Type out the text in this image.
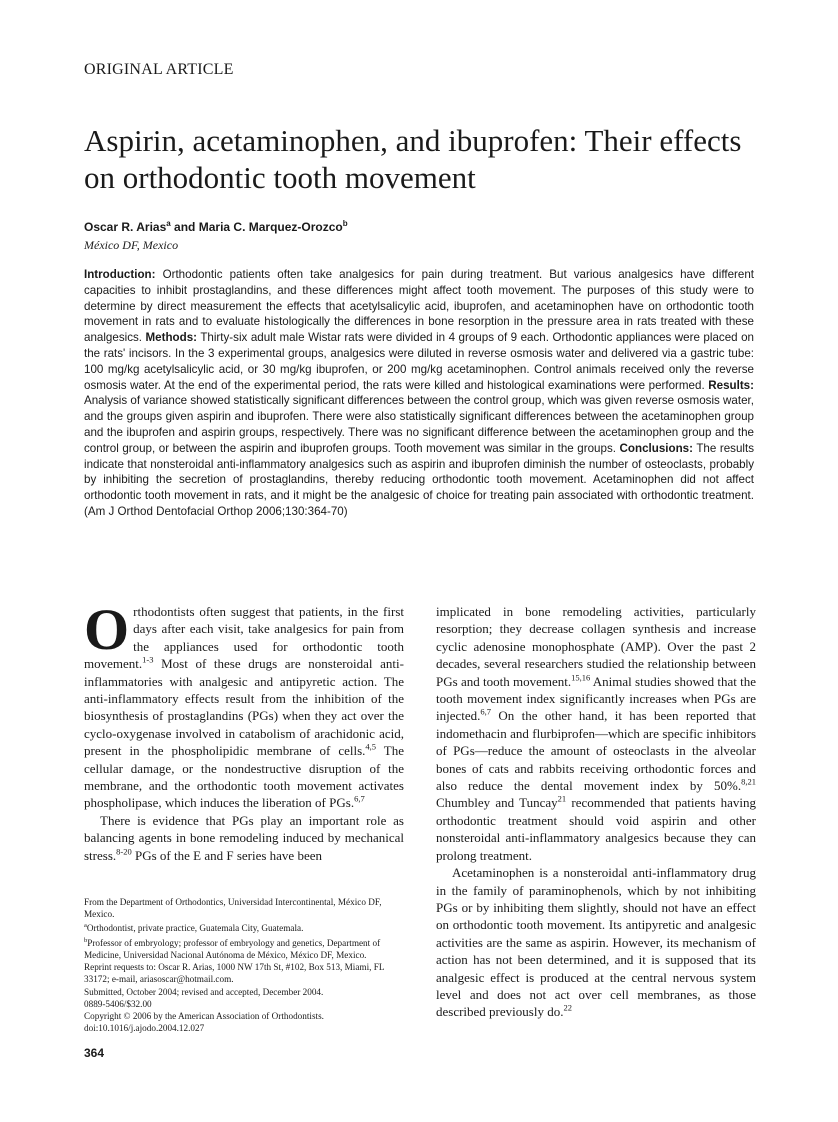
ORIGINAL ARTICLE
Aspirin, acetaminophen, and ibuprofen: Their effects on orthodontic tooth movement
Oscar R. Arias$^a$ and Maria C. Marquez-Orozco$^b$
México DF, Mexico

Introduction: Orthodontic patients often take analgesics for pain during treatment. But various analgesics have different capacities to inhibit prostaglandins, and these differences might affect tooth movement. The purposes of this study were to determine by direct measurement the effects that acetylsalicylic acid, ibuprofen, and acetaminophen have on orthodontic tooth movement in rats and to evaluate histologically the differences in bone resorption in the pressure area in rats treated with these analgesics. Methods: Thirty-six adult male Wistar rats were divided in 4 groups of 9 each. Orthodontic appliances were placed on the rats' incisors. In the 3 experimental groups, analgesics were diluted in reverse osmosis water and delivered via a gastric tube: 100 mg/kg acetylsalicylic acid, or 30 mg/kg ibuprofen, or 200 mg/kg acetaminophen. Control animals received only the reverse osmosis water. At the end of the experimental period, the rats were killed and histological examinations were performed. Results: Analysis of variance showed statistically significant differences between the control group, which was given reverse osmosis water, and the groups given aspirin and ibuprofen. There were also statistically significant differences between the acetaminophen group and the ibuprofen and aspirin groups, respectively. There was no significant difference between the acetaminophen group and the control group, or between the aspirin and ibuprofen groups. Tooth movement was similar in the groups. Conclusions: The results indicate that nonsteroidal anti-inflammatory analgesics such as aspirin and ibuprofen diminish the number of osteoclasts, probably by inhibiting the secretion of prostaglandins, thereby reducing orthodontic tooth movement. Acetaminophen did not affect orthodontic tooth movement in rats, and it might be the analgesic of choice for treating pain associated with orthodontic treatment. (Am J Orthod Dentofacial Orthop 2006;130:364-70)

Orthodontists often suggest that patients, in the first days after each visit, take analgesics for pain from the appliances used for orthodontic tooth movement.$^{1-3}$ Most of these drugs are nonsteroidal anti-inflammatories with analgesic and antipyretic action. The anti-inflammatory effects result from the inhibition of the biosynthesis of prostaglandins (PGs) when they act over the cyclo-oxygenase involved in catabolism of arachidonic acid, present in the phospholipidic membrane of cells.$^{4,5}$ The cellular damage, or the nondestructive disruption of the membrane, and the orthodontic tooth movement activates phospholipase, which induces the liberation of PGs.$^{6,7}$

There is evidence that PGs play an important role as balancing agents in bone remodeling induced by mechanical stress.$^{8-20}$ PGs of the E and F series have been

implicated in bone remodeling activities, particularly resorption; they decrease collagen synthesis and increase cyclic adenosine monophosphate (AMP). Over the past 2 decades, several researchers studied the relationship between PGs and tooth movement.$^{15,16}$ Animal studies showed that the tooth movement index significantly increases when PGs are injected.$^{6,7}$ On the other hand, it has been reported that indomethacin and flurbiprofen—which are specific inhibitors of PGs—reduce the amount of osteoclasts in the alveolar bones of cats and rabbits receiving orthodontic forces and also reduce the dental movement index by 50%.$^{8,21}$ Chumbley and Tuncay$^{21}$ recommended that patients having orthodontic treatment should void aspirin and other nonsteroidal anti-inflammatory analgesics because they can prolong treatment.

Acetaminophen is a nonsteroidal anti-inflammatory drug in the family of paraminophenols, which by not inhibiting PGs or by inhibiting them slightly, should not have an effect on orthodontic tooth movement. Its antipyretic and analgesic activities are the same as aspirin. However, its mechanism of action has not been determined, and it is supposed that its analgesic effect is produced at the central nervous system level and does not act over cell membranes, as those described previously do.$^{22}$

From the Department of Orthodontics, Universidad Intercontinental, México DF, Mexico.
$^a$Orthodontist, private practice, Guatemala City, Guatemala.
$^b$Professor of embryology; professor of embryology and genetics, Department of Medicine, Universidad Nacional Autónoma de México, México DF, Mexico.
Reprint requests to: Oscar R. Arias, 1000 NW 17th St, #102, Box 513, Miami, FL 33172; e-mail, ariasoscar@hotmail.com.
Submitted, October 2004; revised and accepted, December 2004.
0889-5406/$32.00
Copyright © 2006 by the American Association of Orthodontists.
doi:10.1016/j.ajodo.2004.12.027
364
